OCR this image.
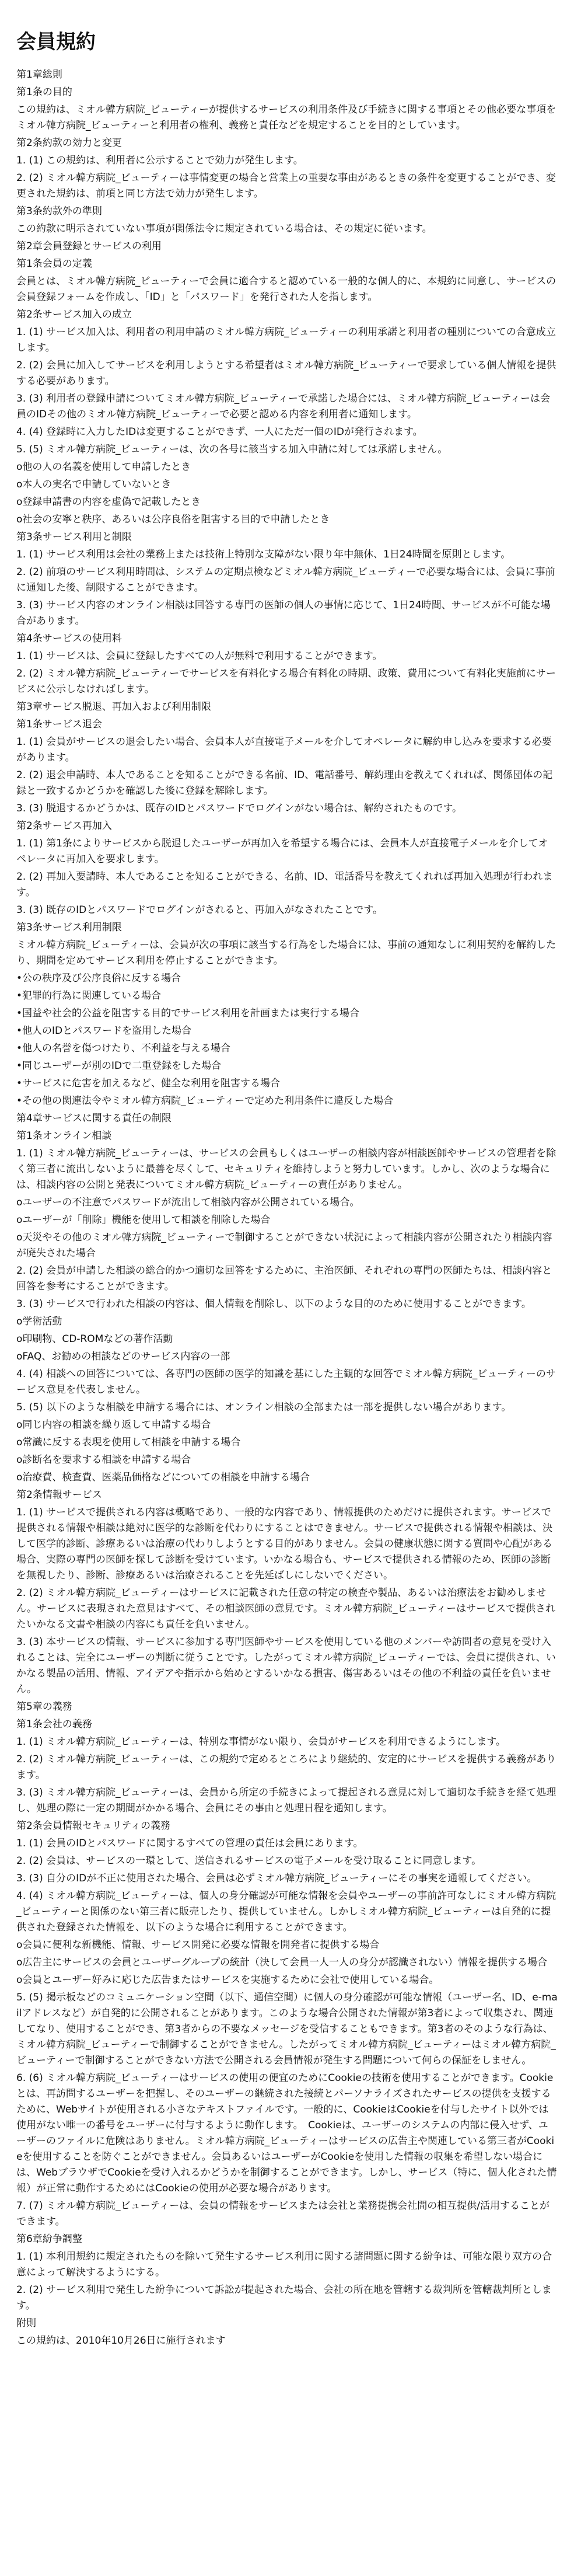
会員規約

第1章総則

第1条の目的

この規約は、ミオル韓方病院_ビューティーが提供するサービスの利用条件及び手続きに関する事項とその他必要な事項をミオル韓方病院_ビューティーと利用者の権利、義務と責任などを規定することを目的としています。

第2条約款の効力と変更

1. (1) この規約は、利用者に公示することで効力が発生します。

2. (2) ミオル韓方病院_ビューティーは事情変更の場合と営業上の重要な事由があるときの条件を変更することができ、変更された規約は、前項と同じ方法で効力が発生します。

第3条約款外の準則

この約款に明示されていない事項が関係法令に規定されている場合は、その規定に従います。

第2章会員登録とサービスの利用

第1条会員の定義

会員とは、ミオル韓方病院_ビューティーで会員に適合すると認めている一般的な個人的に、本規約に同意し、サービスの会員登録フォームを作成し、「ID」と「パスワード」を発行された人を指します。

第2条サービス加入の成立

1. (1) サービス加入は、利用者の利用申請のミオル韓方病院_ビューティーの利用承諾と利用者の種別についての合意成立します。

2. (2) 会員に加入してサービスを利用しようとする希望者はミオル韓方病院_ビューティーで要求している個人情報を提供する必要があります。

3. (3) 利用者の登録申請についてミオル韓方病院_ビューティーで承諾した場合には、ミオル韓方病院_ビューティーは会員のIDその他のミオル韓方病院_ビューティーで必要と認める内容を利用者に通知します。

4. (4) 登録時に入力したIDは変更することができず、一人にただ一個のIDが発行されます。

5. (5) ミオル韓方病院_ビューティーは、次の各号に該当する加入申請に対しては承諾しません。

o他の人の名義を使用して申請したとき

o本人の実名で申請していないとき

o登録申請書の内容を虚偽で記載したとき

o社会の安寧と秩序、あるいは公序良俗を阻害する目的で申請したとき

第3条サービス利用と制限

1. (1) サービス利用は会社の業務上または技術上特別な支障がない限り年中無休、1日24時間を原則とします。

2. (2) 前項のサービス利用時間は、システムの定期点検などミオル韓方病院_ビューティーで必要な場合には、会員に事前に通知した後、制限することができます。

3. (3) サービス内容のオンライン相談は回答する専門の医師の個人の事情に応じて、1日24時間、サービスが不可能な場合があります。

第4条サービスの使用料

1. (1) サービスは、会員に登録したすべての人が無料で利用することができます。

2. (2) ミオル韓方病院_ビューティーでサービスを有料化する場合有料化の時期、政策、費用について有料化実施前にサービスに公示しなければします。

第3章サービス脱退、再加入および利用制限

第1条サービス退会

1. (1) 会員がサービスの退会したい場合、会員本人が直接電子メールを介してオペレータに解約申し込みを要求する必要があります。

2. (2) 退会申請時、本人であることを知ることができる名前、ID、電話番号、解約理由を教えてくれれば、関係団体の記録と一致するかどうかを確認した後に登録を解除します。

3. (3) 脱退するかどうかは、既存のIDとパスワードでログインがない場合は、解約されたものです。

第2条サービス再加入

1. (1) 第1条によりサービスから脱退したユーザーが再加入を希望する場合には、会員本人が直接電子メールを介してオペレータに再加入を要求します。

2. (2) 再加入要請時、本人であることを知ることができる、名前、ID、電話番号を教えてくれれば再加入処理が行われます。

3. (3) 既存のIDとパスワードでログインがされると、再加入がなされたことです。

第3条サービス利用制限

ミオル韓方病院_ビューティーは、会員が次の事項に該当する行為をした場合には、事前の通知なしに利用契約を解約したり、期間を定めてサービス利用を停止することができます。

•公の秩序及び公序良俗に反する場合

•犯罪的行為に関連している場合

•国益や社会的公益を阻害する目的でサービス利用を計画または実行する場合

•他人のIDとパスワードを盗用した場合

•他人の名誉を傷つけたり、不利益を与える場合

•同じユーザーが別のIDで二重登録をした場合

•サービスに危害を加えるなど、健全な利用を阻害する場合

•その他の関連法令やミオル韓方病院_ビューティーで定めた利用条件に違反した場合

第4章サービスに関する責任の制限

第1条オンライン相談

1. (1) ミオル韓方病院_ビューティーは、サービスの会員もしくはユーザーの相談内容が相談医師やサービスの管理者を除く第三者に流出しないように最善を尽くして、セキュリティを維持しようと努力しています。しかし、次のような場合には、相談内容の公開と発表についてミオル韓方病院_ビューティーの責任がありません。

oユーザーの不注意でパスワードが流出して相談内容が公開されている場合。

oユーザーが「削除」機能を使用して相談を削除した場合

o天災やその他のミオル韓方病院_ビューティーで制御することができない状況によって相談内容が公開されたり相談内容が廃失された場合

2. (2) 会員が申請した相談の総合的かつ適切な回答をするために、主治医師、それぞれの専門の医師たちは、相談内容と回答を参考にすることができます。

3. (3) サービスで行われた相談の内容は、個人情報を削除し、以下のような目的のために使用することができます。

o学術活動

o印刷物、CD-ROMなどの著作活動

oFAQ、お勧めの相談などのサービス内容の一部

4. (4) 相談への回答については、各専門の医師の医学的知識を基にした主観的な回答でミオル韓方病院_ビューティーのサービス意見を代表しません。

5. (5) 以下のような相談を申請する場合には、オンライン相談の全部または一部を提供しない場合があります。

o同じ内容の相談を繰り返して申請する場合

o常識に反する表現を使用して相談を申請する場合

o診断名を要求する相談を申請する場合

o治療費、検査費、医薬品価格などについての相談を申請する場合

第2条情報サービス

1. (1) サービスで提供される内容は概略であり、一般的な内容であり、情報提供のためだけに提供されます。サービスで提供される情報や相談は絶対に医学的な診断を代わりにすることはできません。サービスで提供される情報や相談は、決して医学的診断、診療あるいは治療の代わりしようとする目的がありません。会員の健康状態に関する質問や心配がある場合、実際の専門の医師を探して診断を受けています。いかなる場合も、サービスで提供される情報のため、医師の診断を無視したり、診断、診療あるいは治療されることを先延ばしにしないでください。

2. (2) ミオル韓方病院_ビューティーはサービスに記載された任意の特定の検査や製品、あるいは治療法をお勧めしません。サービスに表現された意見はすべて、その相談医師の意見です。ミオル韓方病院_ビューティーはサービスで提供されたいかなる文書や相談の内容にも責任を負いません。

3. (3) 本サービスの情報、サービスに参加する専門医師やサービスを使用している他のメンバーや訪問者の意見を受け入れることは、完全にユーザーの判断に従うことです。したがってミオル韓方病院_ビューティーでは、会員に提供され、いかなる製品の活用、情報、アイデアや指示から始めとするいかなる損害、傷害あるいはその他の不利益の責任を負いません。

第5章の義務

第1条会社の義務

1. (1) ミオル韓方病院_ビューティーは、特別な事情がない限り、会員がサービスを利用できるようにします。

2. (2) ミオル韓方病院_ビューティーは、この規約で定めるところにより継続的、安定的にサービスを提供する義務があります。

3. (3) ミオル韓方病院_ビューティーは、会員から所定の手続きによって提起される意見に対して適切な手続きを経て処理し、処理の際に一定の期間がかかる場合、会員にその事由と処理日程を通知します。

第2条会員情報セキュリティの義務

1. (1) 会員のIDとパスワードに関するすべての管理の責任は会員にあります。

2. (2) 会員は、サービスの一環として、送信されるサービスの電子メールを受け取ることに同意します。

3. (3) 自分のIDが不正に使用された場合、会員は必ずミオル韓方病院_ビューティーにその事実を通報してください。

4. (4) ミオル韓方病院_ビューティーは、個人の身分確認が可能な情報を会員やユーザーの事前許可なしにミオル韓方病院_ビューティーと関係のない第三者に販売したり、提供していません。しかしミオル韓方病院_ビューティーは自発的に提供された登録された情報を、以下のような場合に利用することができます。

o会員に便利な新機能、情報、サービス開発に必要な情報を開発者に提供する場合

o広告主にサービスの会員とユーザーグループの統計（決して会員一人一人の身分が認識されない）情報を提供する場合

o会員とユーザー好みに応じた広告またはサービスを実施するために会社で使用している場合。

5. (5) 掲示板などのコミュニケーション空間（以下、通信空間）に個人の身分確認が可能な情報（ユーザー名、ID、e-mailアドレスなど）が自発的に公開されることがあります。このような場合公開された情報が第3者によって収集され、関連してなり、使用することができ、第3者からの不要なメッセージを受信することもできます。第3者のそのような行為は、ミオル韓方病院_ビューティーで制御することができません。したがってミオル韓方病院_ビューティーはミオル韓方病院_ビューティーで制御することができない方法で公開される会員情報が発生する問題について何らの保証をしません。

6. (6) ミオル韓方病院_ビューティーはサービスの使用の便宜のためにCookieの技術を使用することができます。Cookieとは、再訪問するユーザーを把握し、そのユーザーの継続された接続とパーソナライズされたサービスの提供を支援するために、Webサイトが使用される小さなテキストファイルです。一般的に、CookieはCookieを付与したサイト以外では使用がない唯一の番号をユーザーに付与するように動作します。　Cookieは、ユーザーのシステムの内部に侵入せず、ユーザーのファイルに危険はありません。ミオル韓方病院_ビューティーはサービスの広告主や関連している第三者がCookieを使用することを防ぐことができません。会員あるいはユーザーがCookieを使用した情報の収集を希望しない場合には、WebブラウザでCookieを受け入れるかどうかを制御することができます。しかし、サービス（特に、個人化された情報）が正常に動作するためにはCookieの使用が必要な場合があります。

7. (7) ミオル韓方病院_ビューティーは、会員の情報をサービスまたは会社と業務提携会社間の相互提供/活用することができます。

第6章紛争調整

1. (1) 本利用規約に規定されたものを除いて発生するサービス利用に関する諸問題に関する紛争は、可能な限り双方の合意によって解決するようにする。

2. (2) サービス利用で発生した紛争について訴訟が提起された場合、会社の所在地を管轄する裁判所を管轄裁判所とします。

附則

この規約は、2010年10月26日に施行されます
